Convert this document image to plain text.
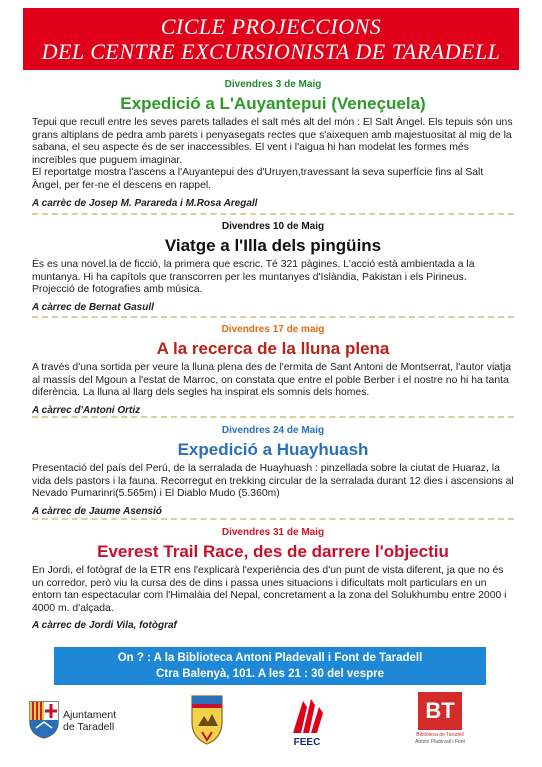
CICLE PROJECCIONS
DEL CENTRE EXCURSIONISTA DE TARADELL
Divendres 3 de Maig
Expedició a L'Auyantepui (Veneçuela)

Tepui que recull entre les seves parets tallades el salt més alt del món : El Salt Àngel. Els tepuis són uns grans altiplans de pedra amb parets i penyasegats rectes que s'aixequen amb majestuositat al mig de la sabana, el seu aspecte és de ser inaccessibles. El vent i l'aigua hi han modelat les formes més increïbles que puguem imaginar.

El reportatge mostra l'ascens a l'Auyantepui des d'Uruyen,travessant la seva superfície fins al Salt Àngel, per fer-ne el descens en rappel.

A carrèc de Josep M. Parareda i M.Rosa Aregall
Divendres 10 de Maig
Viatge a l'Illa dels pingüins

És es una novel.la de ficció, la primera que escric. Té 321 pàgines. L'acció està ambientada a la muntanya. Hi ha capítols que transcorren per les muntanyes d'Islàndia, Pakistan i els Pirineus.

Projecció de fotografies amb música.

A càrrec de Bernat Gasull
Divendres 17 de maig
A la recerca de la lluna plena

A través d'una sortida per veure la lluna plena des de l'ermita de Sant Antoni de Montserrat, l'autor viatja al massís del Mgoun a l'estat de Marroc, on constata que entre el poble Berber i el nostre no hi ha tanta diferència. La lluna al llarg dels segles ha inspirat els somnis dels homes.

A càrrec d'Antoni Ortiz
Divendres 24 de Maig
Expedició a Huayhuash

Presentació del país del Perú, de la serralada de Huayhuash : pinzellada sobre la ciutat de Huaraz, la vida dels pastors i la fauna. Recorregut en trekking circular de la serralada durant 12 dies i ascensions al Nevado Pumarinri(5.565m) i El Diablo Mudo (5.360m)

A càrrec de Jaume Asensió
Divendres 31 de Maig
Everest Trail Race, des de darrere l'objectiu

En Jordi, el fotògraf de la ETR ens l'explicarà l'experiència des d'un punt de vista diferent, ja que no és un corredor, però viu la cursa des de dins i passa unes situacions i dificultats molt particulars en un entorn tan espectacular com l'Himalàia del Nepal, concretament a la zona del Solukhumbu entre 2000 i 4000 m. d'alçada.

A càrrec de Jordi Vila, fotògraf
On ? : A la Biblioteca Antoni Pladevall i Font de Taradell
Ctra Balenyà, 101. A les 21 : 30 del vespre
Ajuntament
de Taradell
FEEC
BT
Biblioteca de Taradell
Antoni Pladevall i Font
